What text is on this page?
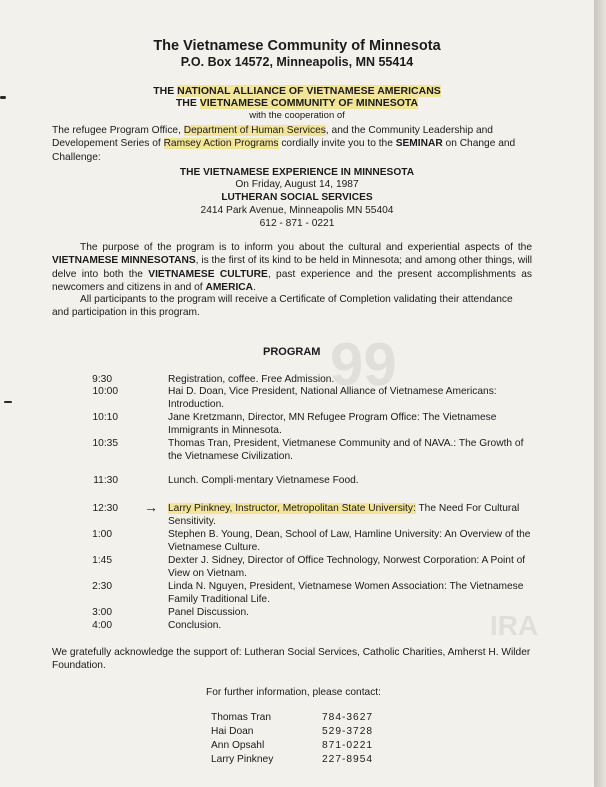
99
IRA
The Vietnamese Community of Minnesota
P.O. Box 14572, Minneapolis, MN 55414
THE NATIONAL ALLIANCE OF VIETNAMESE AMERICANS
THE VIETNAMESE COMMUNITY OF MINNESOTA
with the cooperation of
The refugee Program Office, Department of Human Services, and the Community Leadership and Developement Series of Ramsey Action Programs cordially invite you to the SEMINAR on Change and Challenge:
THE VIETNAMESE EXPERIENCE IN MINNESOTA
On Friday, August 14, 1987
LUTHERAN SOCIAL SERVICES
2414 Park Avenue, Minneapolis MN 55404
612 - 871 - 0221
The purpose of the program is to inform you about the cultural and experiential aspects of the VIETNAMESE MINNESOTANS, is the first of its kind to be held in Minnesota; and among other things, will delve into both the VIETNAMESE CULTURE, past experience and the present accomplishments as newcomers and citizens in and of AMERICA.
All participants to the program will receive a Certificate of Completion validating their attendance and participation in this program.
PROGRAM
9:30	Registration, coffee. Free Admission.
10:00	Hai D. Doan, Vice President, National Alliance of Vietnamese Americans: Introduction.
10:10	Jane Kretzmann, Director, MN Refugee Program Office: The Vietnamese Immigrants in Minnesota.
10:35	Thomas Tran, President, Vietmanese Community and of NAVA.: The Growth of the Vietnamese Civilization.
11:30	Lunch. Compli·mentary Vietnamese Food.
12:30 → Larry Pinkney, Instructor, Metropolitan State University: The Need For Cultural Sensitivity.
1:00	Stephen B. Young, Dean, School of Law, Hamline University: An Overview of the Vietnamese Culture.
1:45	Dexter J. Sidney, Director of Office Technology, Norwest Corporation: A Point of View on Vietnam.
2:30	Linda N. Nguyen, President, Vietnamese Women Association: The Vietnamese Family Traditional Life.
3:00	Panel Discussion.
4:00	Conclusion.
We gratefully acknowledge the support of: Lutheran Social Services, Catholic Charities, Amherst H. Wilder Foundation.
For further information, please contact:
Thomas Tran	784-3627
Hai Doan	529-3728
Ann Opsahl	871-0221
Larry Pinkney	227-8954
